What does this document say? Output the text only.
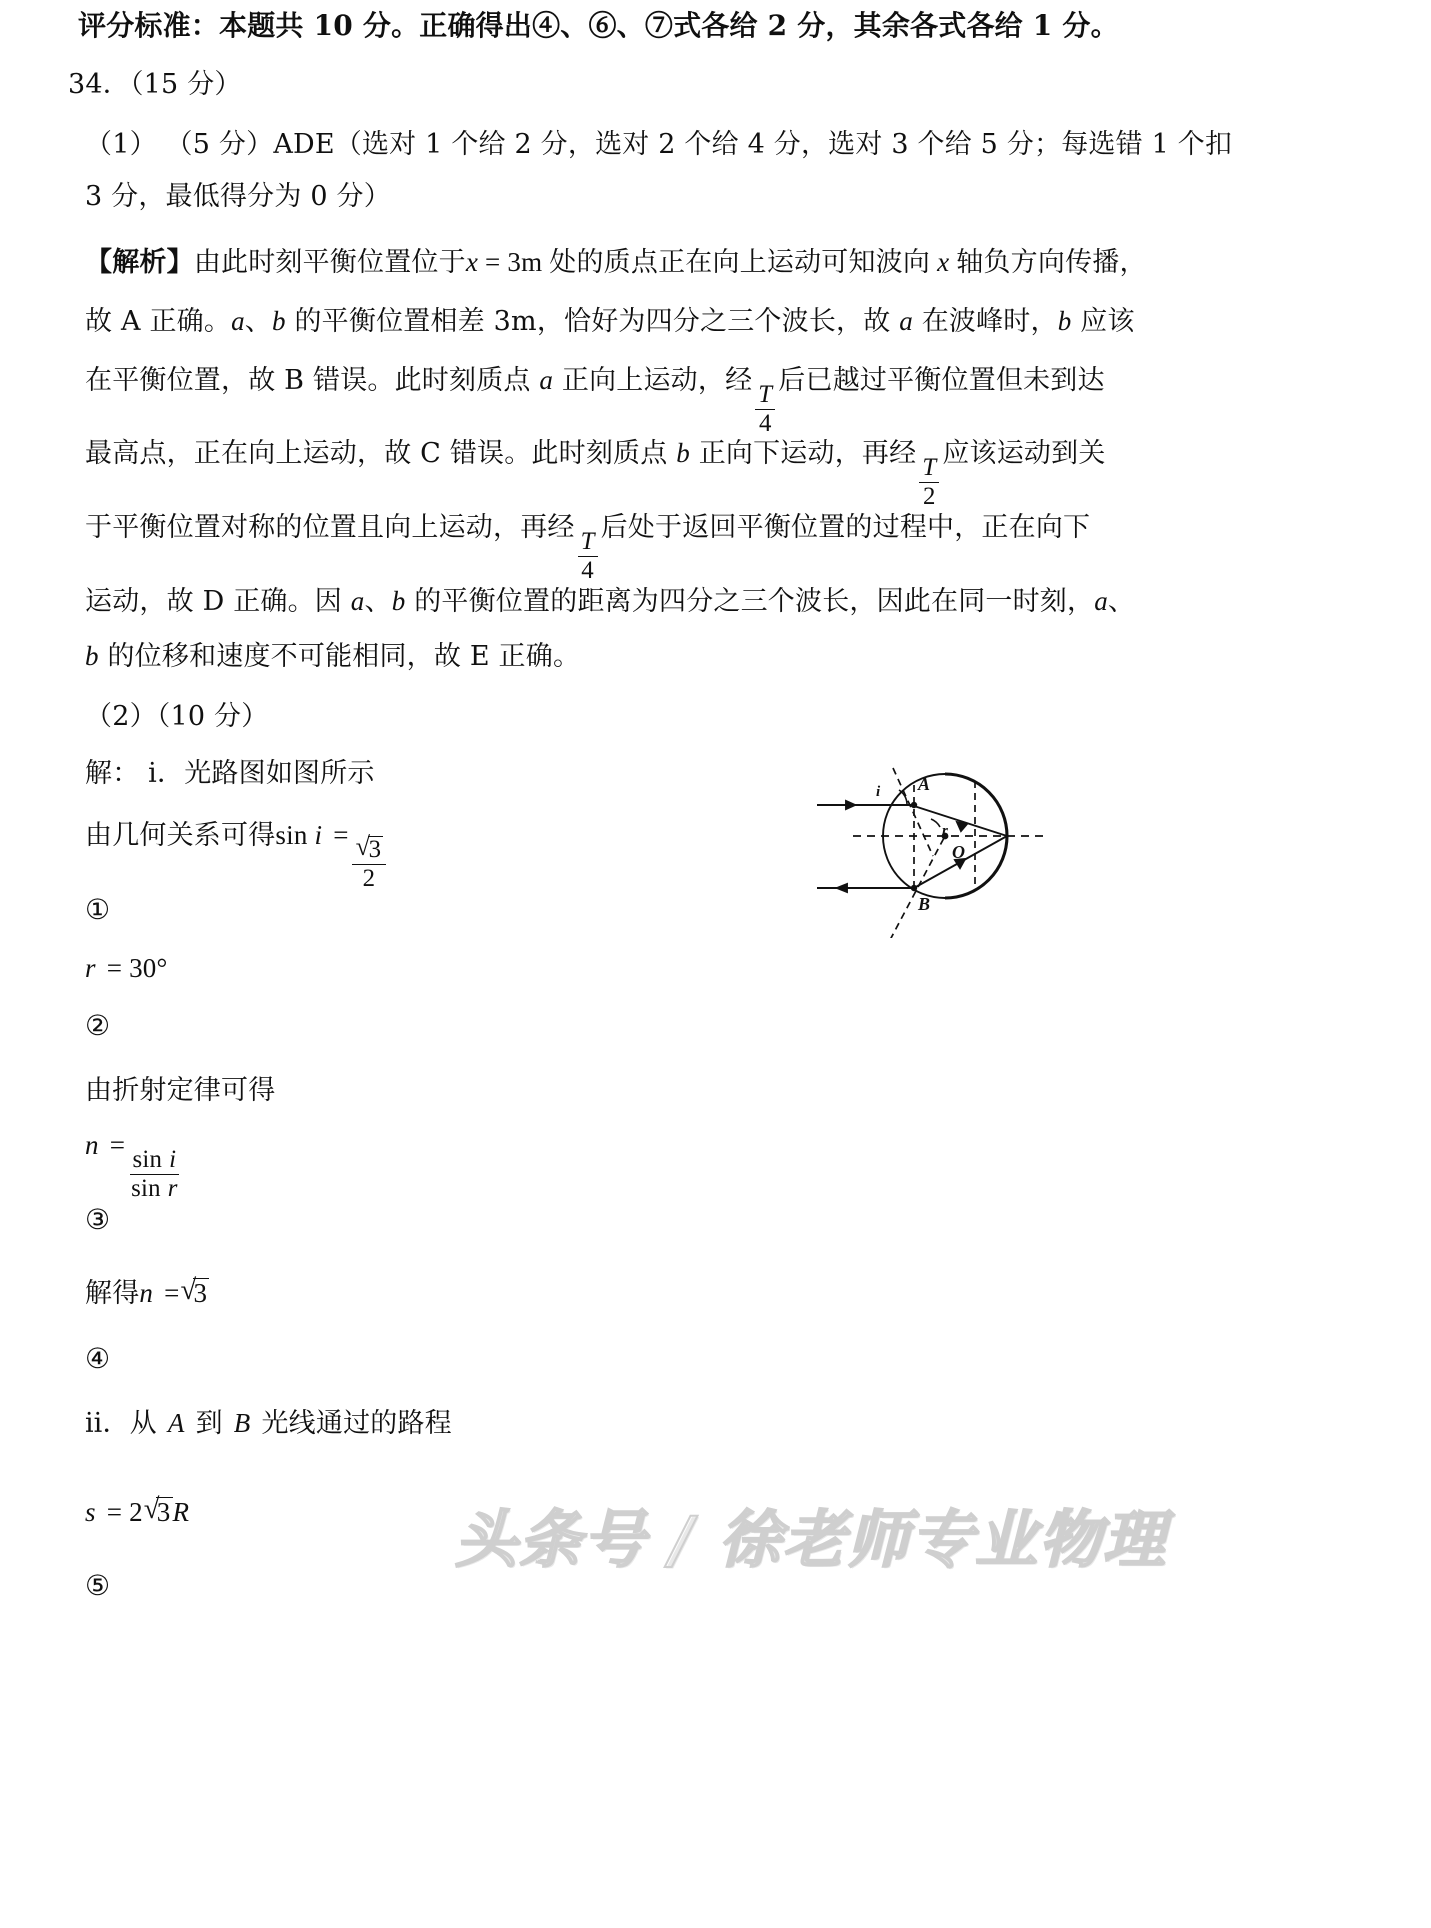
评分标准：本题共 10 分。正确得出④、⑥、⑦式各给 2 分，其余各式各给 1 分。
34．（15 分）
（1） （5 分）ADE（选对 1 个给 2 分，选对 2 个给 4 分，选对 3 个给 5 分；每选错 1 个扣
3 分，最低得分为 0 分）
【解析】由此时刻平衡位置位于x = 3m 处的质点正在向上运动可知波向 x 轴负方向传播，
故 A 正确。a、b 的平衡位置相差 3m，恰好为四分之三个波长，故 a 在波峰时，b 应该
在平衡位置，故 B 错误。此时刻质点 a 正向上运动，经
$\frac{T}{4}$
后已越过平衡位置但未到达
最高点，正在向上运动，故 C 错误。此时刻质点 b 正向下运动，再经
$\frac{T}{2}$
应该运动到关
于平衡位置对称的位置且向上运动，再经
$\frac{T}{4}$
后处于返回平衡位置的过程中，正在向下
运动，故 D 正确。因 a、b 的平衡位置的距离为四分之三个波长，因此在同一时刻，a、
b 的位移和速度不可能相同，故 E 正确。
（2）（10 分）
解： ⅰ．光路图如图所示
由几何关系可得sin i =
√ $\frac{3}{2}$
①
r = 30°
②
由折射定律可得
n =
$\frac{\text{sin i}}{\text{sin r}}$
③
解得n = √ 3
④
ⅱ．从 A 到 B 光线通过的路程
s = 2 √ 3R
⑤
i
r
A
O
B
头条号 / 徐老师专业物理
